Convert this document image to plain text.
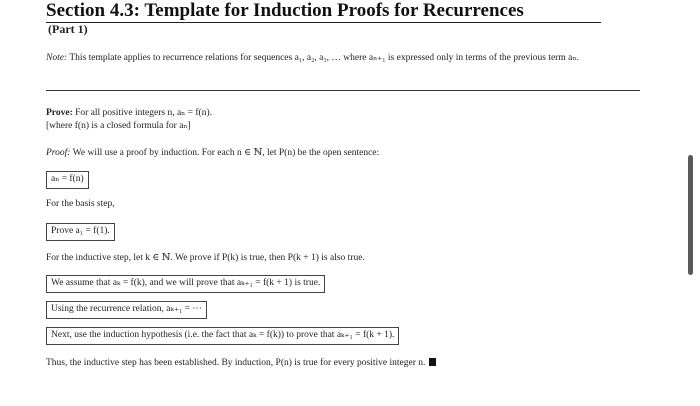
Section 4.3: Template for Induction Proofs for Recurrences
(Part 1)
Note: This template applies to recurrence relations for sequences a₁, a₂, a₃, … where aₙ₊₁ is expressed only in terms of the previous term aₙ.
Prove: For all positive integers n, aₙ = f(n).
[where f(n) is a closed formula for aₙ]
Proof: We will use a proof by induction. For each n ∈ ℕ, let P(n) be the open sentence:
aₙ = f(n)
For the basis step,
Prove a₁ = f(1).
For the inductive step, let k ∈ ℕ. We prove if P(k) is true, then P(k + 1) is also true.
We assume that aₖ = f(k), and we will prove that aₖ₊₁ = f(k + 1) is true.
Using the recurrence relation, aₖ₊₁ = ···
Next, use the induction hypothesis (i.e. the fact that aₖ = f(k)) to prove that aₖ₊₁ = f(k + 1).
Thus, the inductive step has been established. By induction, P(n) is true for every positive integer n.
